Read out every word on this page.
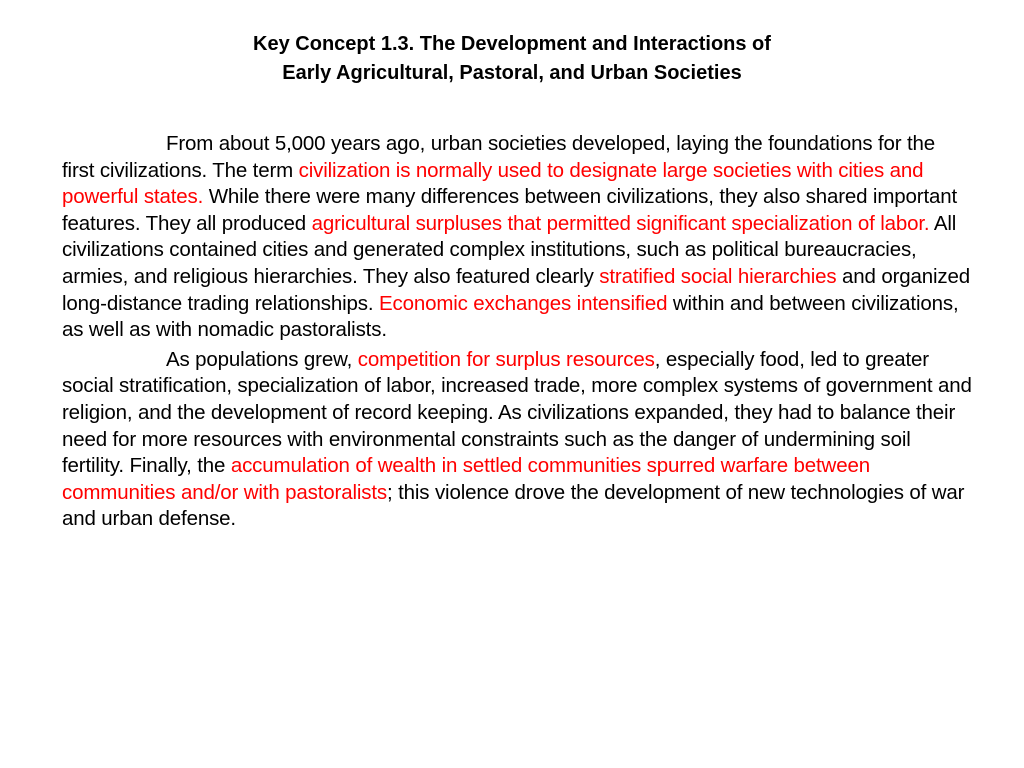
Key Concept 1.3. The Development and Interactions of
Early Agricultural, Pastoral, and Urban Societies

From about 5,000 years ago, urban societies developed, laying the foundations for the first civilizations. The term civilization is normally used to designate large societies with cities and powerful states. While there were many differences between civilizations, they also shared important features. They all produced agricultural surpluses that permitted significant specialization of labor. All civilizations contained cities and generated complex institutions, such as political bureaucracies, armies, and religious hierarchies. They also featured clearly stratified social hierarchies and organized long-distance trading relationships. Economic exchanges intensified within and between civilizations, as well as with nomadic pastoralists.

As populations grew, competition for surplus resources, especially food, led to greater social stratification, specialization of labor, increased trade, more complex systems of government and religion, and the development of record keeping. As civilizations expanded, they had to balance their need for more resources with environmental constraints such as the danger of undermining soil fertility. Finally, the accumulation of wealth in settled communities spurred warfare between communities and/or with pastoralists; this violence drove the development of new technologies of war and urban defense.
